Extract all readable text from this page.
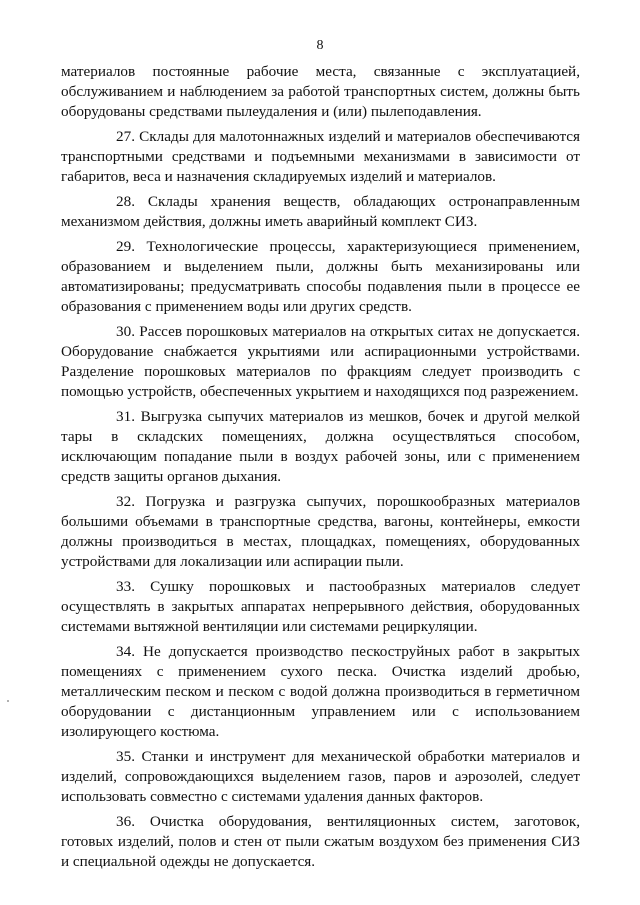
8

материалов постоянные рабочие места, связанные с эксплуатацией, обслуживанием и наблюдением за работой транспортных систем, должны быть оборудованы средствами пылеудаления и (или) пылеподавления.

27. Склады для малотоннажных изделий и материалов обеспечиваются транспортными средствами и подъемными механизмами в зависимости от габаритов, веса и назначения складируемых изделий и материалов.

28. Склады хранения веществ, обладающих остронаправленным механизмом действия, должны иметь аварийный комплект СИЗ.

29. Технологические процессы, характеризующиеся применением, образованием и выделением пыли, должны быть механизированы или автоматизированы; предусматривать способы подавления пыли в процессе ее образования с применением воды или других средств.

30. Рассев порошковых материалов на открытых ситах не допускается. Оборудование снабжается укрытиями или аспирационными устройствами. Разделение порошковых материалов по фракциям следует производить с помощью устройств, обеспеченных укрытием и находящихся под разрежением.

31. Выгрузка сыпучих материалов из мешков, бочек и другой мелкой тары в складских помещениях, должна осуществляться способом, исключающим попадание пыли в воздух рабочей зоны, или с применением средств защиты органов дыхания.

32. Погрузка и разгрузка сыпучих, порошкообразных материалов большими объемами в транспортные средства, вагоны, контейнеры, емкости должны производиться в местах, площадках, помещениях, оборудованных устройствами для локализации или аспирации пыли.

33. Сушку порошковых и пастообразных материалов следует осуществлять в закрытых аппаратах непрерывного действия, оборудованных системами вытяжной вентиляции или системами рециркуляции.

34. Не допускается производство пескоструйных работ в закрытых помещениях с применением сухого песка. Очистка изделий дробью, металлическим песком и песком с водой должна производиться в герметичном оборудовании с дистанционным управлением или с использованием изолирующего костюма.

35. Станки и инструмент для механической обработки материалов и изделий, сопровождающихся выделением газов, паров и аэрозолей, следует использовать совместно с системами удаления данных факторов.

36. Очистка оборудования, вентиляционных систем, заготовок, готовых изделий, полов и стен от пыли сжатым воздухом без применения СИЗ и специальной одежды не допускается.
